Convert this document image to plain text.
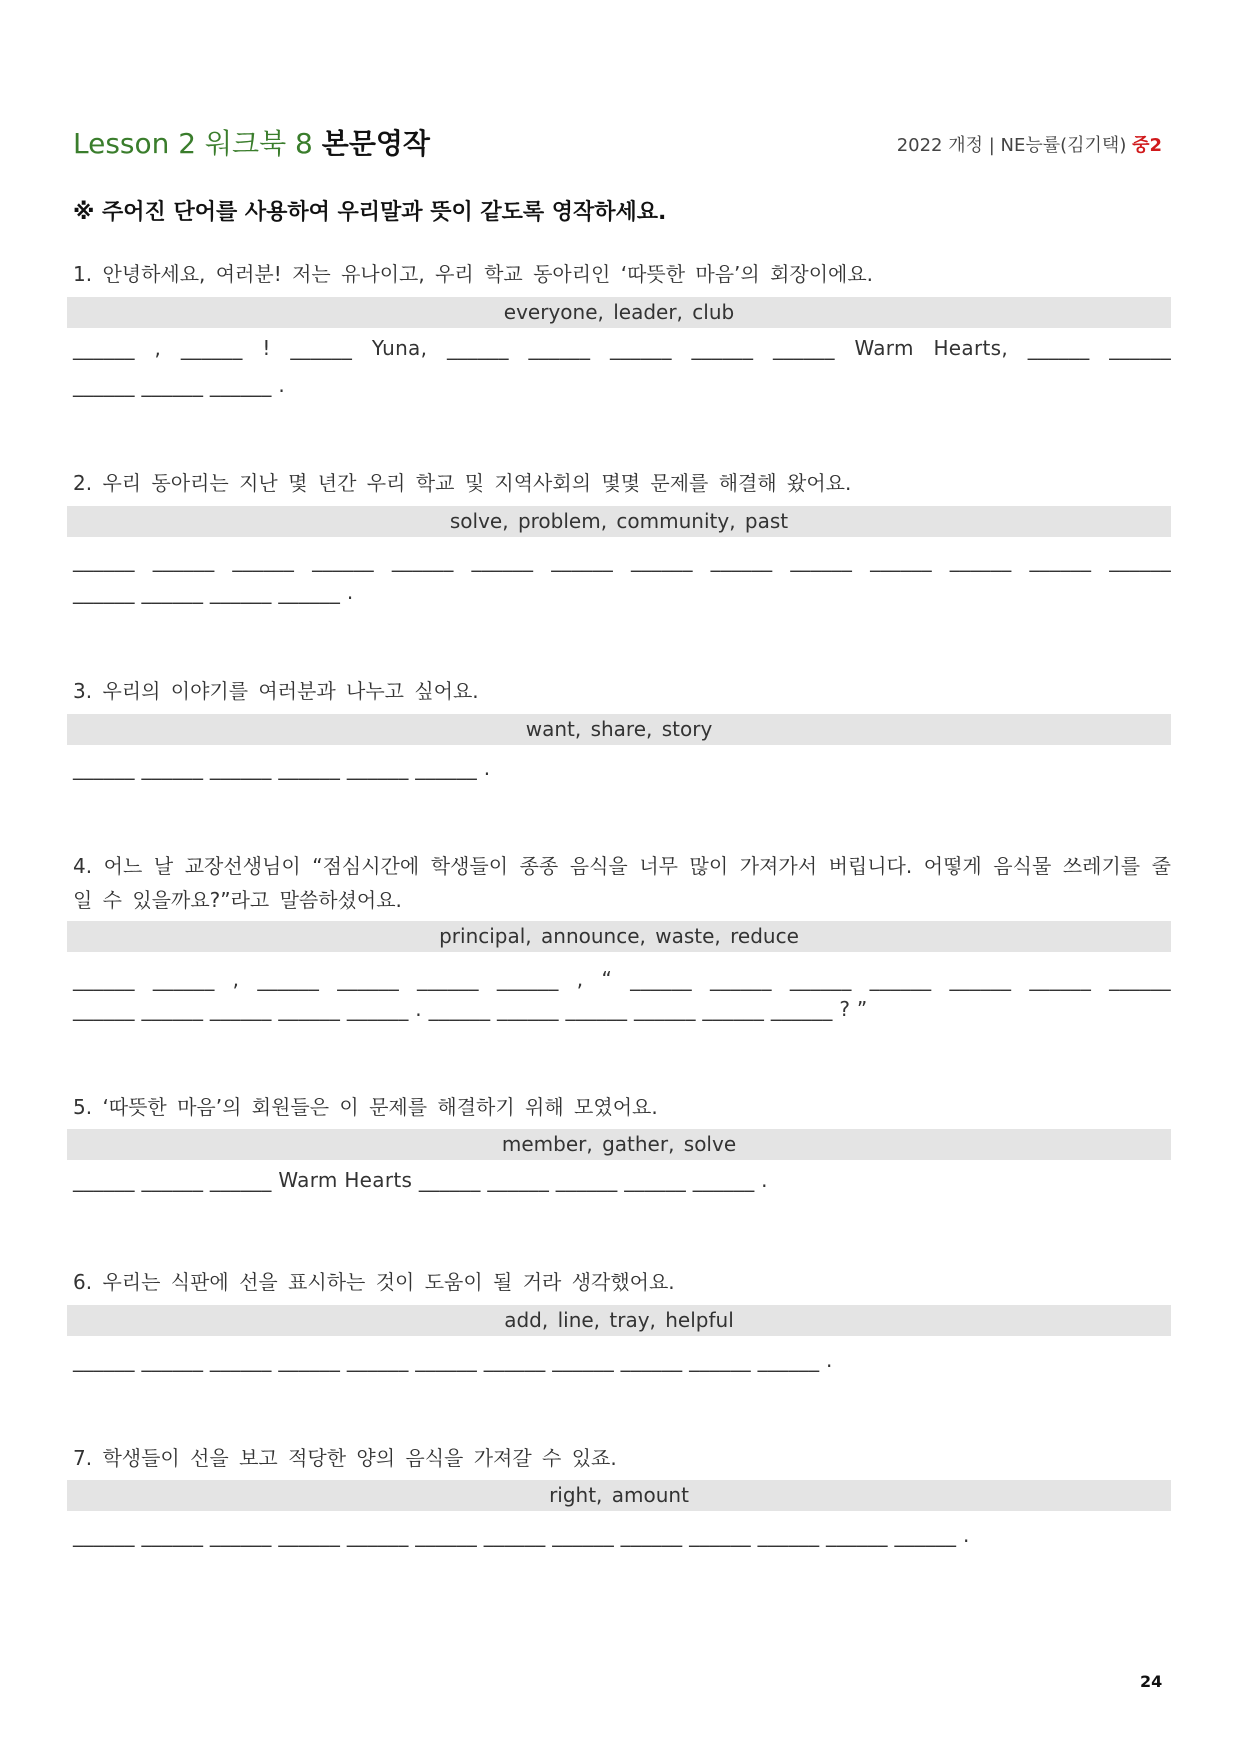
Lesson 2 워크북 8 본문영작	2022 개정 | NE능률(김기택) 중2
※ 주어진 단어를 사용하여 우리말과 뜻이 같도록 영작하세요.
1. 안녕하세요, 여러분! 저는 유나이고, 우리 학교 동아리인 ‘따뜻한 마음’의 회장이에요.
everyone, leader, club
______ , ______ ! ______ Yuna, ______ ______ ______ ______ ______ Warm Hearts, ______ ______
______ ______ ______ .
2. 우리 동아리는 지난 몇 년간 우리 학교 및 지역사회의 몇몇 문제를 해결해 왔어요.
solve, problem, community, past
______ ______ ______ ______ ______ ______ ______ ______ ______ ______ ______ ______ ______ ______
______ ______ ______ ______ .
3. 우리의 이야기를 여러분과 나누고 싶어요.
want, share, story
______ ______ ______ ______ ______ ______ .
4. 어느 날 교장선생님이 “점심시간에 학생들이 종종 음식을 너무 많이 가져가서 버립니다. 어떻게 음식물 쓰레기를 줄일 수 있을까요?”라고 말씀하셨어요.
principal, announce, waste, reduce
______ ______ , ______ ______ ______ ______ , “ ______ ______ ______ ______ ______ ______ ______
______ ______ ______ ______ ______ . ______ ______ ______ ______ ______ ______ ? ”
5. ‘따뜻한 마음’의 회원들은 이 문제를 해결하기 위해 모였어요.
member, gather, solve
______ ______ ______ Warm Hearts ______ ______ ______ ______ ______ .
6. 우리는 식판에 선을 표시하는 것이 도움이 될 거라 생각했어요.
add, line, tray, helpful
______ ______ ______ ______ ______ ______ ______ ______ ______ ______ ______ .
7. 학생들이 선을 보고 적당한 양의 음식을 가져갈 수 있죠.
right, amount
______ ______ ______ ______ ______ ______ ______ ______ ______ ______ ______ ______ ______ .
24
